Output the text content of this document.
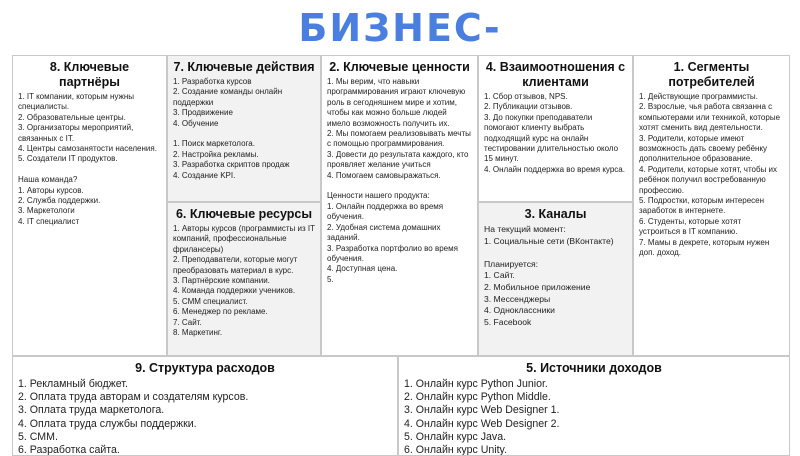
БИЗНЕС-
8. Ключевые партнёры
1. IT компании, которым нужны специалисты.
2. Образовательные центры.
3. Организаторы мероприятий, связанных с IT.
4. Центры самозанятости населения.
5. Создатели IT продуктов.

Наша команда?
1. Авторы курсов.
2. Служба поддержки.
3. Маркетологи
4. IT специалист
7. Ключевые действия
1. Разработка курсов
2. Создание команды онлайн поддержки
3. Продвижение
4. Обучение

1. Поиск маркетолога.
2. Настройка рекламы.
3. Разработка скриптов продаж
4. Создание KPI.
6. Ключевые ресурсы
1. Авторы курсов (программисты из IT компаний, профессиональные фрилансеры)
2. Преподаватели, которые могут преобразовать материал в курс.
3. Партнёрские компании.
4. Команда поддержки учеников.
5. СММ специалист.
6. Менеджер по рекламе.
7. Сайт.
8. Маркетинг.
2. Ключевые ценности
1. Мы верим, что навыки программирования играют ключевую роль в сегодняшнем мире и хотим, чтобы как можно больше людей имело возможность получить их.
2. Мы помогаем реализовывать мечты с помощью программирования.
3. Довести до результата каждого, кто проявляет желание учиться
4. Помогаем самовыражаться.

Ценности нашего продукта:
1. Онлайн поддержка во время обучения.
2. Удобная система домашних заданий.
3. Разработка портфолио во время обучения.
4. Доступная цена.
5.
4. Взаимоотношения с клиентами
1. Сбор отзывов, NPS.
2. Публикации отзывов.
3. До покупки преподаватели помогают клиенту выбрать подходящий курс на онлайн тестировании длительностью около 15 минут.
4. Онлайн поддержка во время курса.
3. Каналы
На текущий момент:
1. Социальные сети (ВКонтакте)

Планируется:
1. Сайт.
2. Мобильное приложение
3. Мессенджеры
4. Одноклассники
5. Facebook
1. Сегменты потребителей
1. Действующие программисты.
2. Взрослые, чья работа связанна с компьютерами или техникой, которые хотят сменить вид деятельности.
3. Родители, которые имеют возможность дать своему ребёнку дополнительное образование.
4. Родители, которые хотят, чтобы их ребёнок получил востребованную профессию.
5. Подростки, которым интересен заработок в интернете.
6. Студенты, которые хотят устроиться в IT компанию.
7. Мамы в декрете, которым нужен доп. доход.
9. Структура расходов
1. Рекламный бюджет.
2. Оплата труда авторам и создателям курсов.
3. Оплата труда маркетолога.
4. Оплата труда службы поддержки.
5. СММ.
6. Разработка сайта.
5. Источники доходов
1. Онлайн курс Python Junior.
2. Онлайн курс Python Middle.
3. Онлайн курс Web Designer 1.
4. Онлайн курс Web Designer 2.
5. Онлайн курс Java.
6. Онлайн курс Unity.
